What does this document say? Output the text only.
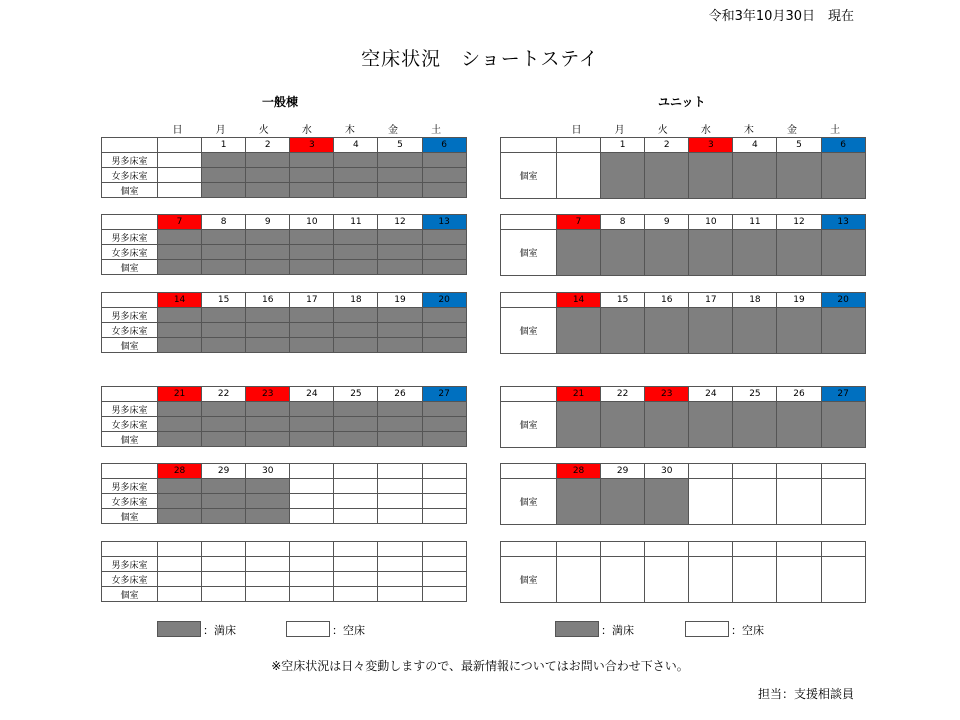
令和3年10月30日　現在
空床状況　ショートステイ
一般棟	ユニット
	日	月	火	水	木	金	土
		1	2	3	4	5	6
男多床室							
女多床室							
個室							
	7	8	9	10	11	12	13
男多床室							
女多床室							
個室							
	14	15	16	17	18	19	20
男多床室							
女多床室							
個室							
	21	22	23	24	25	26	27
男多床室							
女多床室							
個室							
	28	29	30				
男多床室							
女多床室							
個室							

男多床室							
女多床室							
個室							
	日	月	火	水	木	金	土
		1	2	3	4	5	6
個室							
	7	8	9	10	11	12	13
個室							
	14	15	16	17	18	19	20
個室							
	21	22	23	24	25	26	27
個室							
	28	29	30				
個室							

個室							
：満床	：空床	：満床	：空床
※空床状況は日々変動しますので、最新情報についてはお問い合わせ下さい。
担当：支援相談員
